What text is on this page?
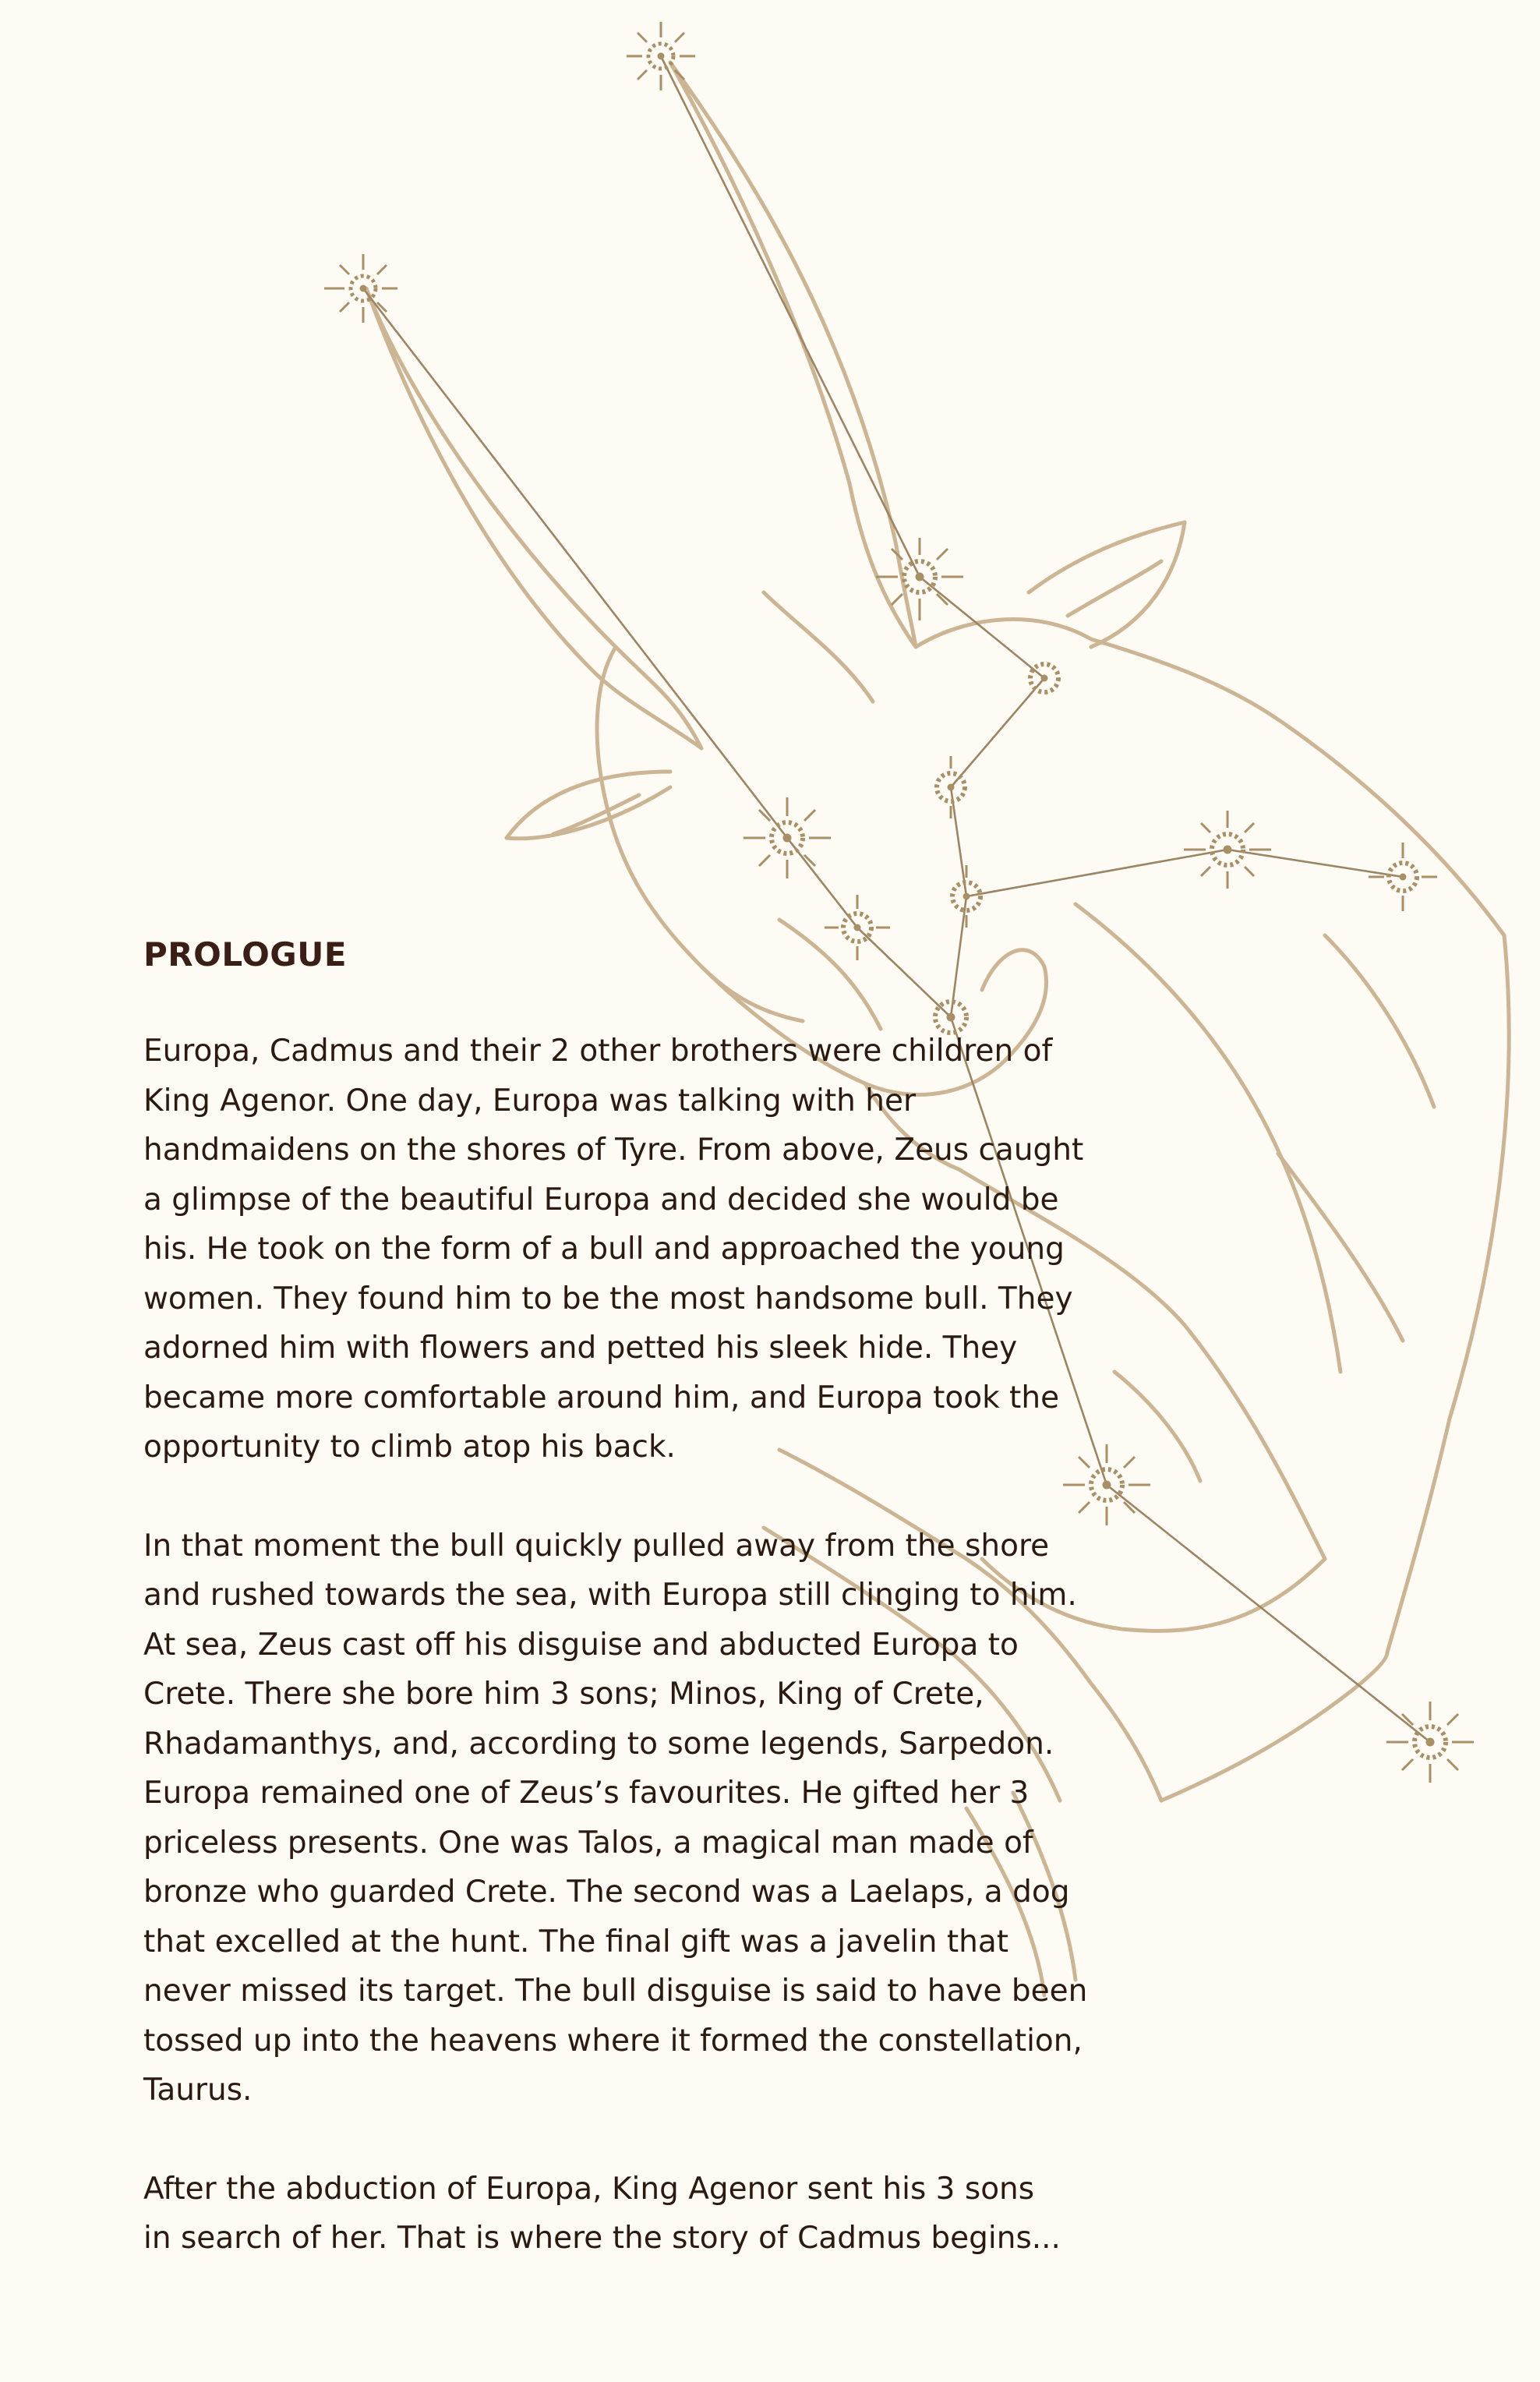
PROLOGUE

Europa, Cadmus and their 2 other brothers were children of
King Agenor. One day, Europa was talking with her
handmaidens on the shores of Tyre. From above, Zeus caught
a glimpse of the beautiful Europa and decided she would be
his. He took on the form of a bull and approached the young
women. They found him to be the most handsome bull. They
adorned him with flowers and petted his sleek hide. They
became more comfortable around him, and Europa took the
opportunity to climb atop his back.

In that moment the bull quickly pulled away from the shore
and rushed towards the sea, with Europa still clinging to him.
At sea, Zeus cast off his disguise and abducted Europa to
Crete. There she bore him 3 sons; Minos, King of Crete,
Rhadamanthys, and, according to some legends, Sarpedon.
Europa remained one of Zeus’s favourites. He gifted her 3
priceless presents. One was Talos, a magical man made of
bronze who guarded Crete. The second was a Laelaps, a dog
that excelled at the hunt. The final gift was a javelin that
never missed its target. The bull disguise is said to have been
tossed up into the heavens where it formed the constellation,
Taurus.

After the abduction of Europa, King Agenor sent his 3 sons
in search of her. That is where the story of Cadmus begins...
